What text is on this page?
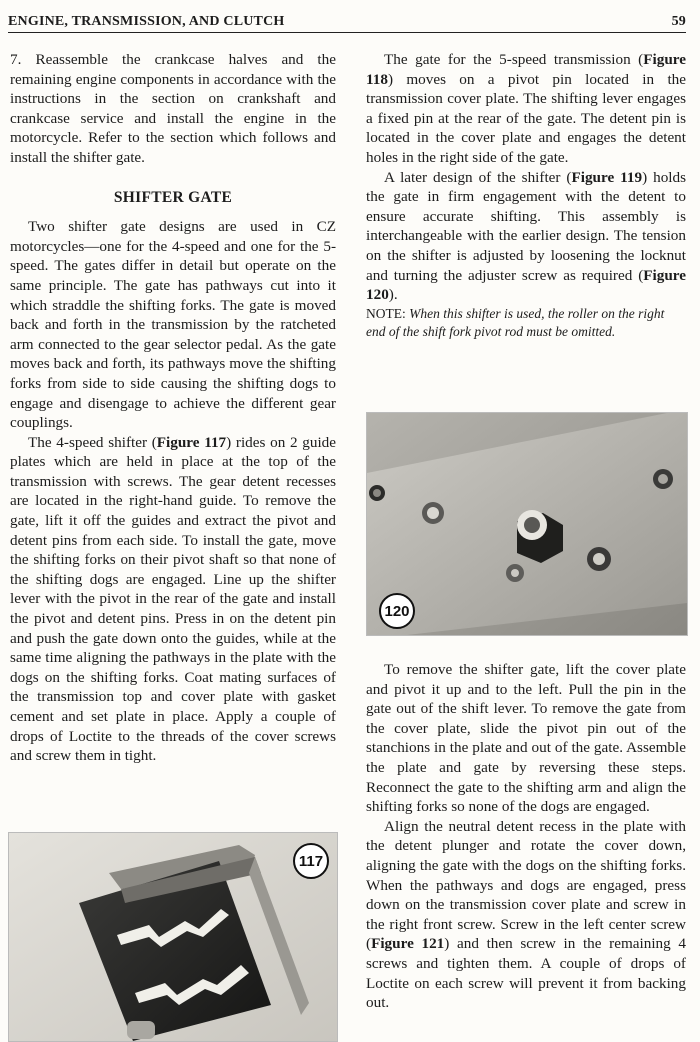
ENGINE, TRANSMISSION, AND CLUTCH	59

7. Reassemble the crankcase halves and the remaining engine components in accordance with the instructions in the section on crankshaft and crankcase service and install the engine in the motorcycle. Refer to the section which follows and install the shifter gate.

SHIFTER GATE

Two shifter gate designs are used in CZ motorcycles—one for the 4-speed and one for the 5-speed. The gates differ in detail but operate on the same principle. The gate has pathways cut into it which straddle the shifting forks. The gate is moved back and forth in the transmission by the ratcheted arm connected to the gear selector pedal. As the gate moves back and forth, its pathways move the shifting forks from side to side causing the shifting dogs to engage and disengage to achieve the different gear couplings.

The 4-speed shifter (Figure 117) rides on 2 guide plates which are held in place at the top of the transmission with screws. The gear detent recesses are located in the right-hand guide. To remove the gate, lift it off the guides and extract the pivot and detent pins from each side. To install the gate, move the shifting forks on their pivot shaft so that none of the shifting dogs are engaged. Line up the shifter lever with the pivot in the rear of the gate and install the pivot and detent pins. Press in on the detent pin and push the gate down onto the guides, while at the same time aligning the pathways in the plate with the dogs on the shifting forks. Coat mating surfaces of the transmission top and cover plate with gasket cement and set plate in place. Apply a couple of drops of Loctite to the threads of the cover screws and screw them in tight.

117

The gate for the 5-speed transmission (Figure 118) moves on a pivot pin located in the transmission cover plate. The shifting lever engages a fixed pin at the rear of the gate. The detent pin is located in the cover plate and engages the detent holes in the right side of the gate.

A later design of the shifter (Figure 119) holds the gate in firm engagement with the detent to ensure accurate shifting. This assembly is interchangeable with the earlier design. The tension on the shifter is adjusted by loosening the locknut and turning the adjuster screw as required (Figure 120).

NOTE: When this shifter is used, the roller on the right end of the shift fork pivot rod must be omitted.

120

To remove the shifter gate, lift the cover plate and pivot it up and to the left. Pull the pin in the gate out of the shift lever. To remove the gate from the cover plate, slide the pivot pin out of the stanchions in the plate and out of the gate. Assemble the plate and gate by reversing these steps. Reconnect the gate to the shifting arm and align the shifting forks so none of the dogs are engaged.

Align the neutral detent recess in the plate with the detent plunger and rotate the cover down, aligning the gate with the dogs on the shifting forks. When the pathways and dogs are engaged, press down on the transmission cover plate and screw in the right front screw. Screw in the left center screw (Figure 121) and then screw in the remaining 4 screws and tighten them. A couple of drops of Loctite on each screw will prevent it from backing out.
